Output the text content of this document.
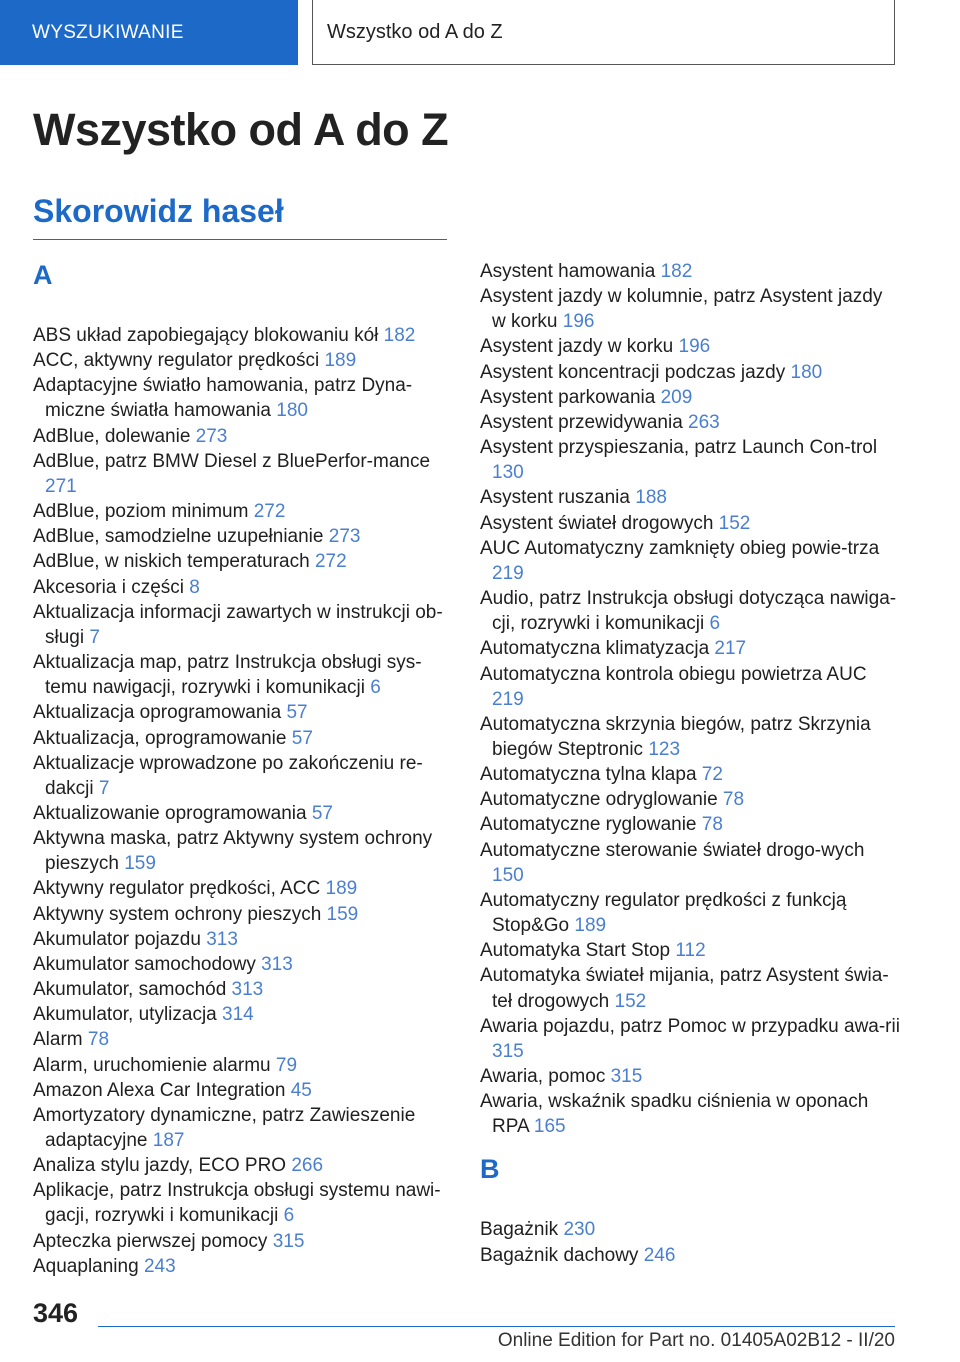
WYSZUKIWANIE	Wszystko od A do Z
Wszystko od A do Z
Skorowidz haseł
A
ABS układ zapobiegający blokowaniu kół 182
ACC, aktywny regulator prędkości 189
Adaptacyjne światło hamowania, patrz Dyna‐miczne światła hamowania 180
AdBlue, dolewanie 273
AdBlue, patrz BMW Diesel z BluePerfor‐mance 271
AdBlue, poziom minimum 272
AdBlue, samodzielne uzupełnianie 273
AdBlue, w niskich temperaturach 272
Akcesoria i części 8
Aktualizacja informacji zawartych w instrukcji ob‐sługi 7
Aktualizacja map, patrz Instrukcja obsługi sys‐temu nawigacji, rozrywki i komunikacji 6
Aktualizacja oprogramowania 57
Aktualizacja, oprogramowanie 57
Aktualizacje wprowadzone po zakończeniu re‐dakcji 7
Aktualizowanie oprogramowania 57
Aktywna maska, patrz Aktywny system ochrony pieszych 159
Aktywny regulator prędkości, ACC 189
Aktywny system ochrony pieszych 159
Akumulator pojazdu 313
Akumulator samochodowy 313
Akumulator, samochód 313
Akumulator, utylizacja 314
Alarm 78
Alarm, uruchomienie alarmu 79
Amazon Alexa Car Integration 45
Amortyzatory dynamiczne, patrz Zawieszenie adaptacyjne 187
Analiza stylu jazdy, ECO PRO 266
Aplikacje, patrz Instrukcja obsługi systemu nawi‐gacji, rozrywki i komunikacji 6
Apteczka pierwszej pomocy 315
Aquaplaning 243
Asystent hamowania 182
Asystent jazdy w kolumnie, patrz Asystent jazdy w korku 196
Asystent jazdy w korku 196
Asystent koncentracji podczas jazdy 180
Asystent parkowania 209
Asystent przewidywania 263
Asystent przyspieszania, patrz Launch Con‐trol 130
Asystent ruszania 188
Asystent świateł drogowych 152
AUC Automatyczny zamknięty obieg powie‐trza 219
Audio, patrz Instrukcja obsługi dotycząca nawiga‐cji, rozrywki i komunikacji 6
Automatyczna klimatyzacja 217
Automatyczna kontrola obiegu powietrza AUC 219
Automatyczna skrzynia biegów, patrz Skrzynia biegów Steptronic 123
Automatyczna tylna klapa 72
Automatyczne odryglowanie 78
Automatyczne ryglowanie 78
Automatyczne sterowanie świateł drogo‐wych 150
Automatyczny regulator prędkości z funkcją Stop&Go 189
Automatyka Start Stop 112
Automatyka świateł mijania, patrz Asystent świa‐teł drogowych 152
Awaria pojazdu, patrz Pomoc w przypadku awa‐rii 315
Awaria, pomoc 315
Awaria, wskaźnik spadku ciśnienia w oponach RPA 165
B
Bagażnik 230
Bagażnik dachowy 246
346
Online Edition for Part no. 01405A02B12 - II/20
